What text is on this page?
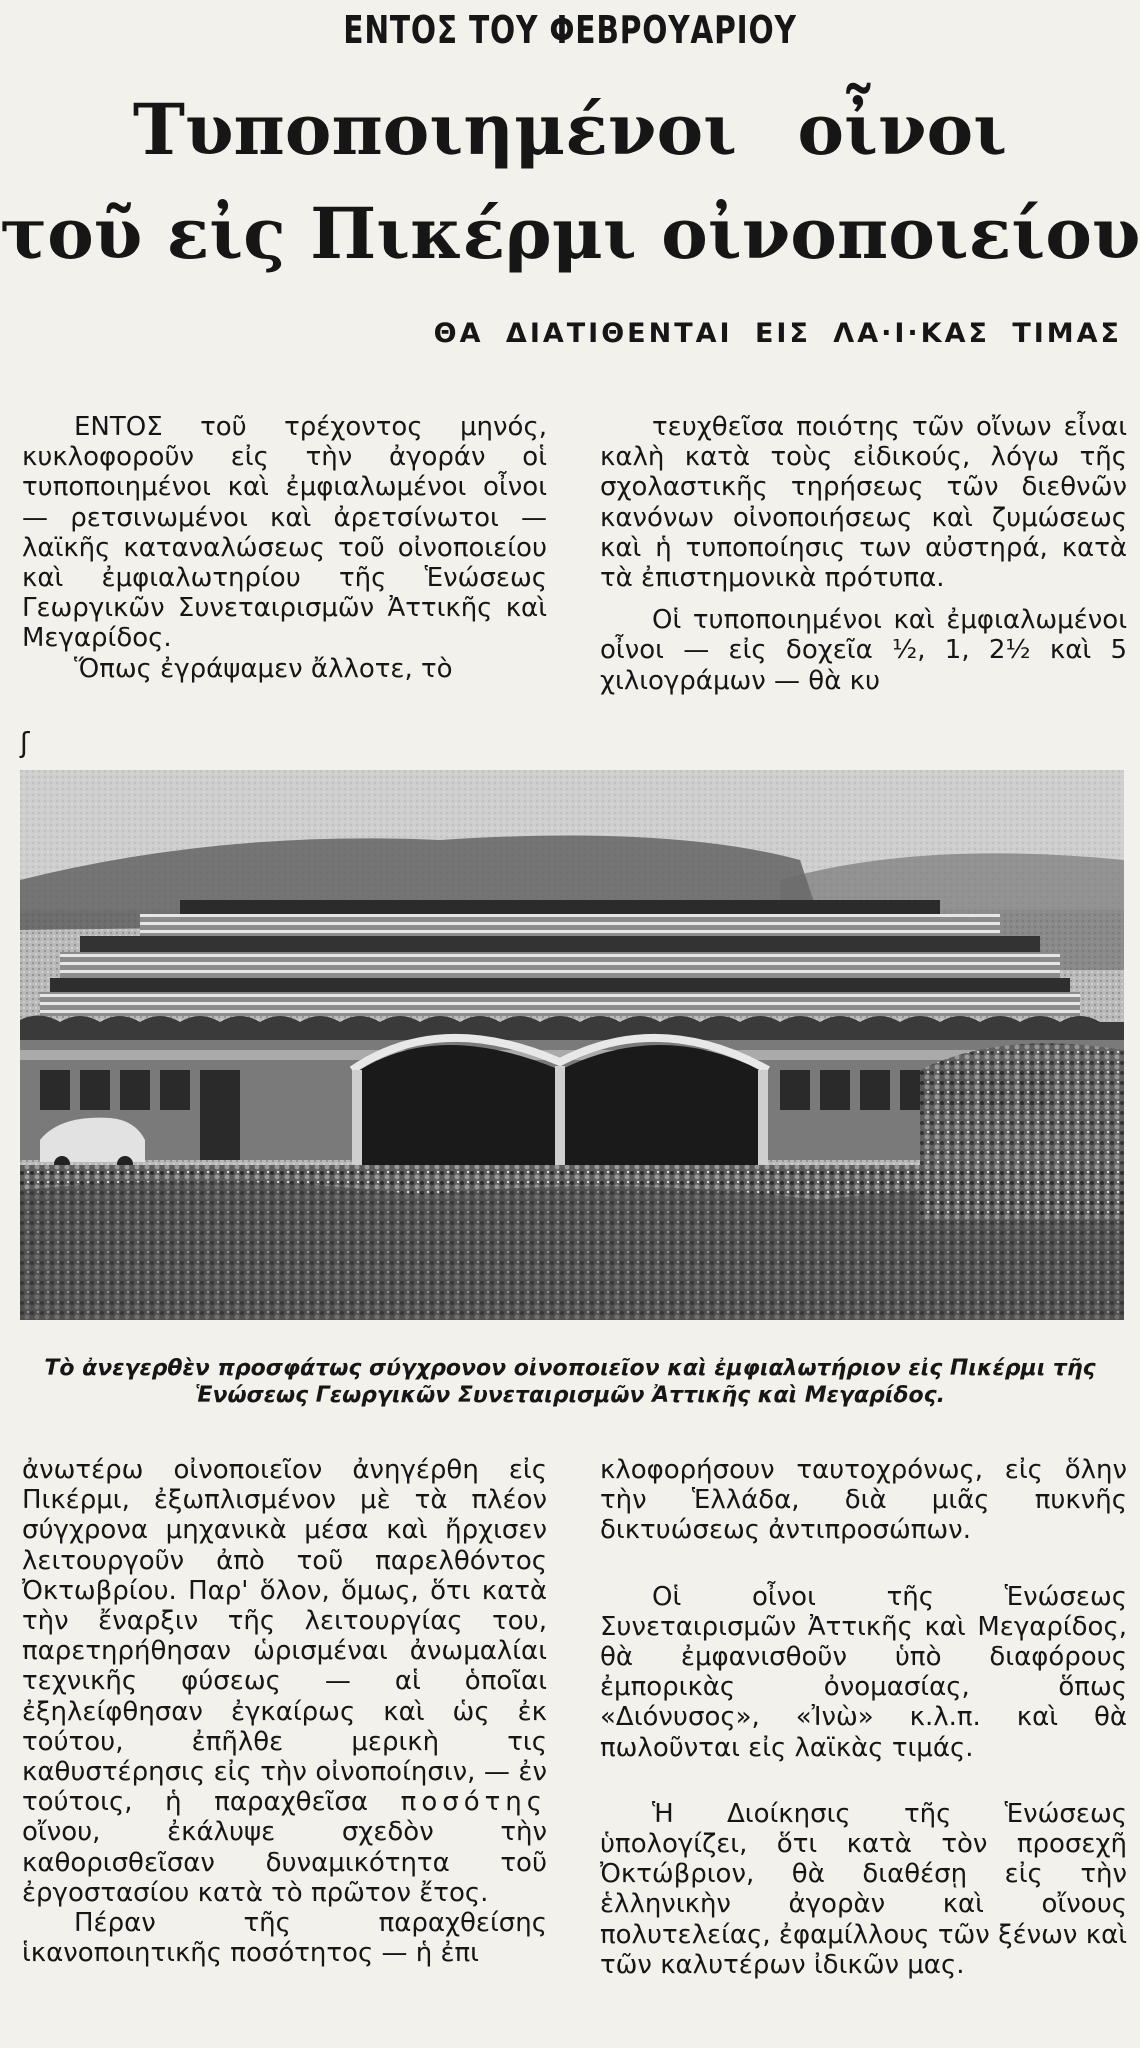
ΕΝΤΟΣ ΤΟΥ ΦΕΒΡΟΥΑΡΙΟΥ
Τυποποιημένοι οἶνοι
τοῦ εἰς Πικέρμι οἰνοποιείου
ΘΑ ΔΙΑΤΙΘΕΝΤΑΙ ΕΙΣ ΛΑ·Ι·ΚΑΣ ΤΙΜΑΣ

ΕΝΤΟΣ τοῦ τρέχοντος μηνός, κυκλοφοροῦν εἰς τὴν ἀγοράν οἱ τυποποιημένοι καὶ ἐμφιαλωμένοι οἶνοι — ρετσινωμένοι καὶ ἀρετσίνωτοι — λαϊκῆς καταναλώσεως τοῦ οἰνοποιείου καὶ ἐμφιαλωτηρίου τῆς Ἑνώσεως Γεωργικῶν Συνεταιρισμῶν Ἀττικῆς καὶ Μεγαρίδος.

Ὅπως ἐγράψαμεν ἄλλοτε, τὸ

τευχθεῖσα ποιότης τῶν οἴνων εἶναι καλὴ κατὰ τοὺς εἰδικούς, λόγω τῆς σχολαστικῆς τηρήσεως τῶν διεθνῶν κανόνων οἰνοποιήσεως καὶ ζυμώσεως καὶ ἡ τυποποίησις των αὐστηρά, κατὰ τὰ ἐπιστημονικὰ πρότυπα.

Οἱ τυποποιημένοι καὶ ἐμφιαλωμένοι οἶνοι — εἰς δοχεῖα ½, 1, 2½ καὶ 5 χιλιογράμων — θὰ κυ

ʃ
Τὸ ἀνεγερθὲν προσφάτως σύγχρονον οἰνοποιεῖον καὶ ἐμφιαλωτήριον εἰς Πικέρμι τῆς Ἑνώσεως Γεωργικῶν Συνεταιρισμῶν Ἀττικῆς καὶ Μεγαρίδος.

ἀνωτέρω οἰνοποιεῖον ἀνηγέρθη εἰς Πικέρμι, ἐξωπλισμένον μὲ τὰ πλέον σύγχρονα μηχανικὰ μέσα καὶ ἤρχισεν λειτουργοῦν ἀπὸ τοῦ παρελθόντος Ὀκτωβρίου. Παρ' ὅλον, ὅμως, ὅτι κατὰ τὴν ἔναρξιν τῆς λειτουργίας του, παρετηρήθησαν ὡρισμέναι ἀνωμαλίαι τεχνικῆς φύσεως — αἱ ὁποῖαι ἐξηλείφθησαν ἐγκαίρως καὶ ὡς ἐκ τούτου, ἐπῆλθε μερικὴ τις καθυστέρησις εἰς τὴν οἰνοποίησιν, — ἐν τούτοις, ἡ παραχθεῖσα ποσότης οἴνου, ἐκάλυψε σχεδὸν τὴν καθορισθεῖσαν δυναμικότητα τοῦ ἐργοστασίου κατὰ τὸ πρῶτον ἔτος.

Πέραν τῆς παραχθείσης ἱκανοποιητικῆς ποσότητος — ἡ ἐπι

κλοφορήσουν ταυτοχρόνως, εἰς ὅλην τὴν Ἑλλάδα, διὰ μιᾶς πυκνῆς δικτυώσεως ἀντιπροσώπων.

Οἱ οἶνοι τῆς Ἑνώσεως Συνεταιρισμῶν Ἀττικῆς καὶ Μεγαρίδος, θὰ ἐμφανισθοῦν ὑπὸ διαφόρους ἐμπορικὰς ὀνομασίας, ὅπως «Διόνυσος», «Ἰνὼ» κ.λ.π. καὶ θὰ πωλοῦνται εἰς λαϊκὰς τιμάς.

Ἡ Διοίκησις τῆς Ἑνώσεως ὑπολογίζει, ὅτι κατὰ τὸν προσεχῆ Ὀκτώβριον, θὰ διαθέσῃ εἰς τὴν ἑλληνικὴν ἀγορὰν καὶ οἴνους πολυτελείας, ἐφαμίλλους τῶν ξένων καὶ τῶν καλυτέρων ἰδικῶν μας.
